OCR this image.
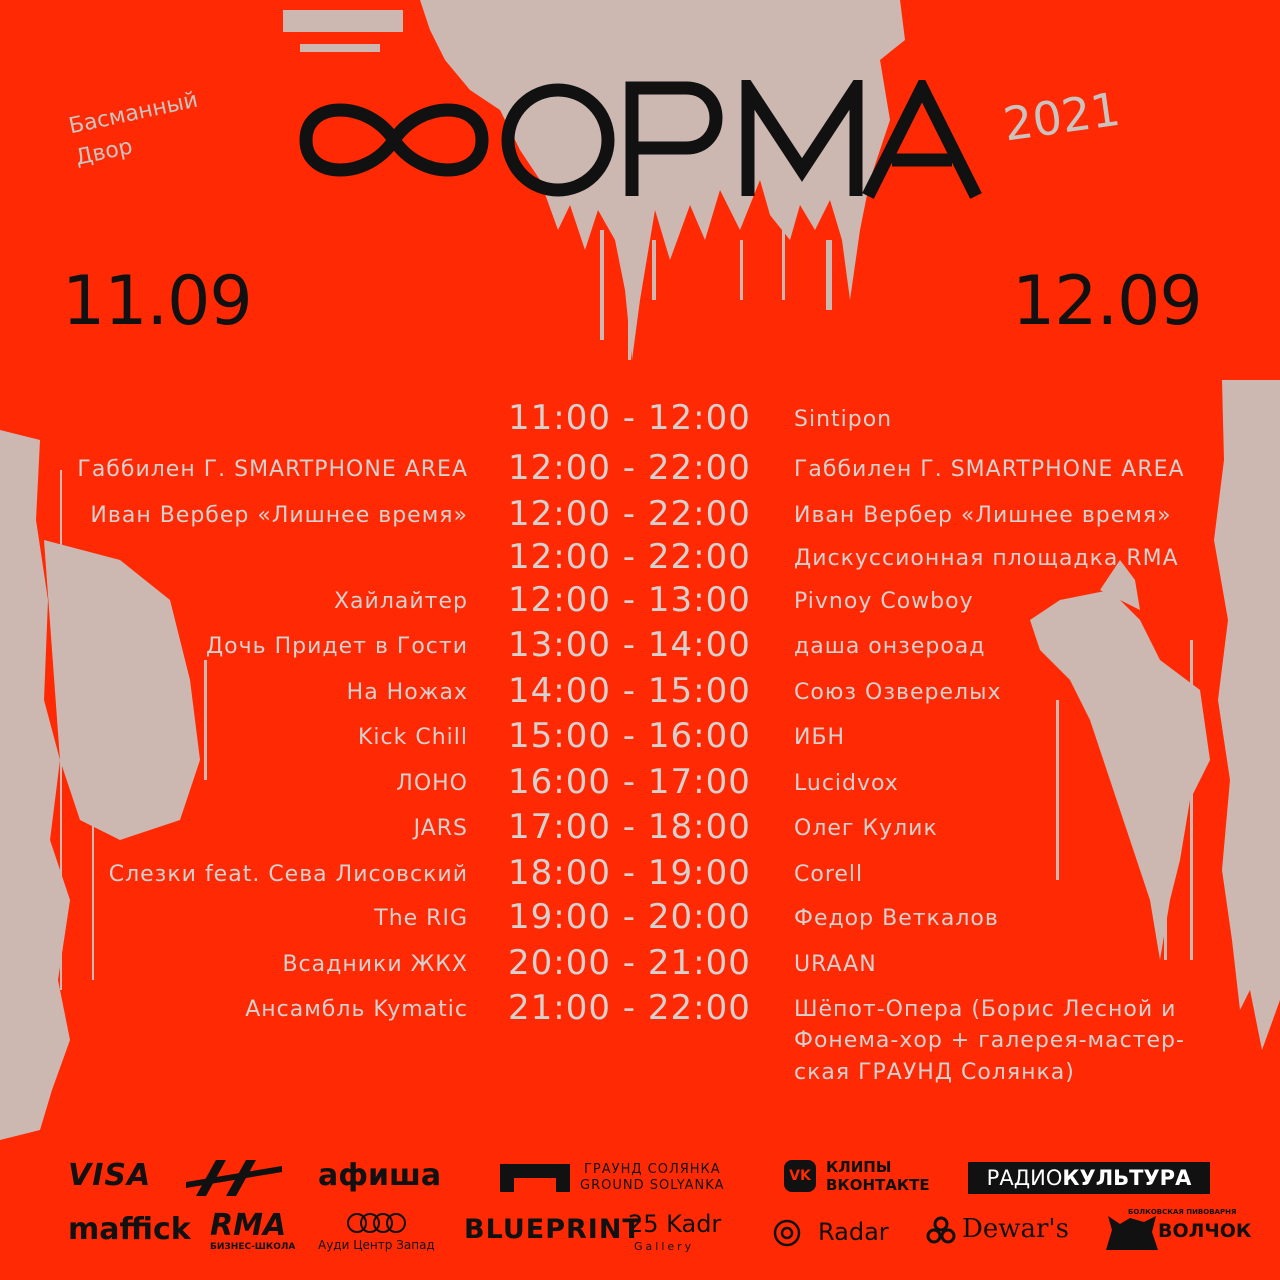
Басманный
Двор
2021
11.09	12.09
11:00 - 12:00	Sintipon
Габбилен Г. SMARTPHONE AREA 12:00 - 22:00	Габбилен Г. SMARTPHONE AREA
Иван Вербер «Лишнее время» 12:00 - 22:00	Иван Вербер «Лишнее время»
12:00 - 22:00	Дискуссионная площадка RMA
Хайлайтер 12:00 - 13:00	Pivnoy Cowboy
Дочь Придет в Гости 13:00 - 14:00	даша онзероад
На Ножах 14:00 - 15:00	Союз Озверелых
Kick Chill 15:00 - 16:00	ИБН
ЛОНО 16:00 - 17:00	Lucidvox
JARS 17:00 - 18:00	Олег Кулик
Слезки feat. Сева Лисовский 18:00 - 19:00	Corell
The RIG 19:00 - 20:00	Федор Веткалов
Всадники ЖКХ 20:00 - 21:00	URAAN
Ансамбль Kymatic 21:00 - 22:00	Шёпот-Опера (Борис Лесной и
Фонема-хор + галерея-мастер-
ская ГРАУНД Солянка)
VISA	афиша	ГРАУНД СОЛЯНКА
GROUND SOLYANKA
VK	КЛИПЫ
ВКОНТАКТЕ	РАДИОКУЛЬТУРА
maffick RMA
БИЗНЕС-ШКОЛА Ауди Центр Запад BLUEPRINT
25 Kadr
Gallery
Radar	Dewar's
БОЛКОВСКАЯ ПИВОВАРНЯ
ВОЛЧОК
